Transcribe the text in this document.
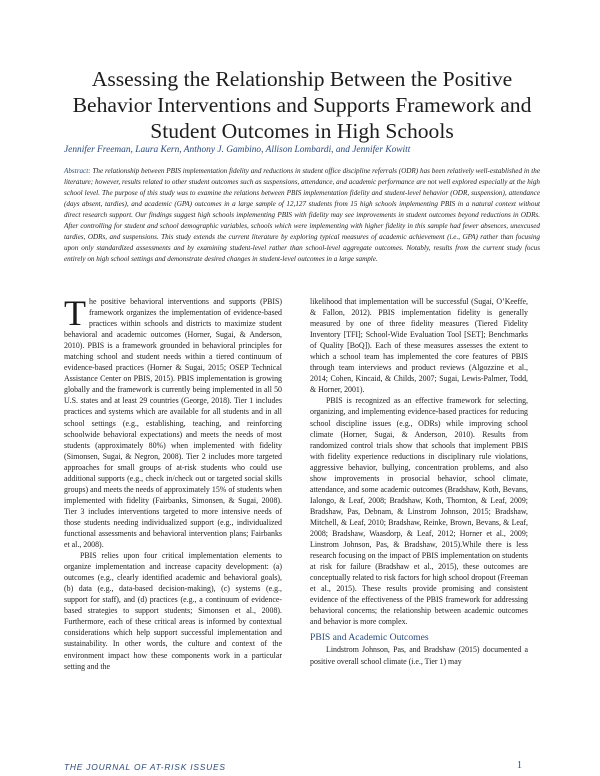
Assessing the Relationship Between the Positive Behavior Interventions and Supports Framework and Student Outcomes in High Schools
Jennifer Freeman, Laura Kern, Anthony J. Gambino, Allison Lombardi, and Jennifer Kowitt

Abstract: The relationship between PBIS implementation fidelity and reductions in student office discipline referrals (ODR) has been relatively well-established in the literature; however, results related to other student outcomes such as suspensions, attendance, and academic performance are not well explored especially at the high school level. The purpose of this study was to examine the relations between PBIS implementation fidelity and student-level behavior (ODR, suspension), attendance (days absent, tardies), and academic (GPA) outcomes in a large sample of 12,127 students from 15 high schools implementing PBIS in a natural context without direct research support. Our findings suggest high schools implementing PBIS with fidelity may see improvements in student outcomes beyond reductions in ODRs. After controlling for student and school demographic variables, schools which were implementing with higher fidelity in this sample had fewer absences, unexcused tardies, ODRs, and suspensions. This study extends the current literature by exploring typical measures of academic achievement (i.e., GPA) rather than focusing upon only standardized assessments and by examining student-level rather than school-level aggregate outcomes. Notably, results from the current study focus entirely on high school settings and demonstrate desired changes in student-level outcomes in a large sample.

The positive behavioral interventions and supports (PBIS) framework organizes the implementation of evidence-based practices within schools and districts to maximize student behavioral and academic outcomes (Horner, Sugai, & Anderson, 2010). PBIS is a framework grounded in behavioral principles for matching school and student needs within a tiered continuum of evidence-based practices (Horner & Sugai, 2015; OSEP Technical Assistance Center on PBIS, 2015). PBIS implementation is growing globally and the framework is currently being implemented in all 50 U.S. states and at least 29 countries (George, 2018). Tier 1 includes practices and systems which are available for all students and in all school settings (e.g., establishing, teaching, and reinforcing schoolwide behavioral expectations) and meets the needs of most students (approximately 80%) when implemented with fidelity (Simonsen, Sugai, & Negron, 2008). Tier 2 includes more targeted approaches for small groups of at-risk students who could use additional supports (e.g., check in/check out or targeted social skills groups) and meets the needs of approximately 15% of students when implemented with fidelity (Fairbanks, Simonsen, & Sugai, 2008). Tier 3 includes interventions targeted to more intensive needs of those students needing individualized support (e.g., individualized functional assessments and behavioral intervention plans; Fairbanks et al., 2008).

PBIS relies upon four critical implementation elements to organize implementation and increase capacity development: (a) outcomes (e.g., clearly identified academic and behavioral goals), (b) data (e.g., data-based decision-making), (c) systems (e.g., support for staff), and (d) practices (e.g., a continuum of evidence-based strategies to support students; Simonsen et al., 2008). Furthermore, each of these critical areas is informed by contextual considerations which help support successful implementation and sustainability. In other words, the culture and context of the environment impact how these components work in a particular setting and the

likelihood that implementation will be successful (Sugai, O’Keeffe, & Fallon, 2012). PBIS implementation fidelity is generally measured by one of three fidelity measures (Tiered Fidelity Inventory [TFI]; School-Wide Evaluation Tool [SET]; Benchmarks of Quality [BoQ]). Each of these measures assesses the extent to which a school team has implemented the core features of PBIS through team interviews and product reviews (Algozzine et al., 2014; Cohen, Kincaid, & Childs, 2007; Sugai, Lewis-Palmer, Todd, & Horner, 2001).

PBIS is recognized as an effective framework for selecting, organizing, and implementing evidence-based practices for reducing school discipline issues (e.g., ODRs) while improving school climate (Horner, Sugai, & Anderson, 2010). Results from randomized control trials show that schools that implement PBIS with fidelity experience reductions in disciplinary rule violations, aggressive behavior, bullying, concentration problems, and also show improvements in prosocial behavior, school climate, attendance, and some academic outcomes (Bradshaw, Koth, Bevans, Ialongo, & Leaf, 2008; Bradshaw, Koth, Thornton, & Leaf, 2009; Bradshaw, Pas, Debnam, & Linstrom Johnson, 2015; Bradshaw, Mitchell, & Leaf, 2010; Bradshaw, Reinke, Brown, Bevans, & Leaf, 2008; Bradshaw, Waasdorp, & Leaf, 2012; Horner et al., 2009; Linstrom Johnson, Pas, & Bradshaw, 2015).While there is less research focusing on the impact of PBIS implementation on students at risk for failure (Bradshaw et al., 2015), these outcomes are conceptually related to risk factors for high school dropout (Freeman et al., 2015). These results provide promising and consistent evidence of the effectiveness of the PBIS framework for addressing behavioral concerns; the relationship between academic outcomes and behavior is more complex.

PBIS and Academic Outcomes

Lindstrom Johnson, Pas, and Bradshaw (2015) documented a positive overall school climate (i.e., Tier 1) may

THE JOURNAL OF AT-RISK ISSUES	1
